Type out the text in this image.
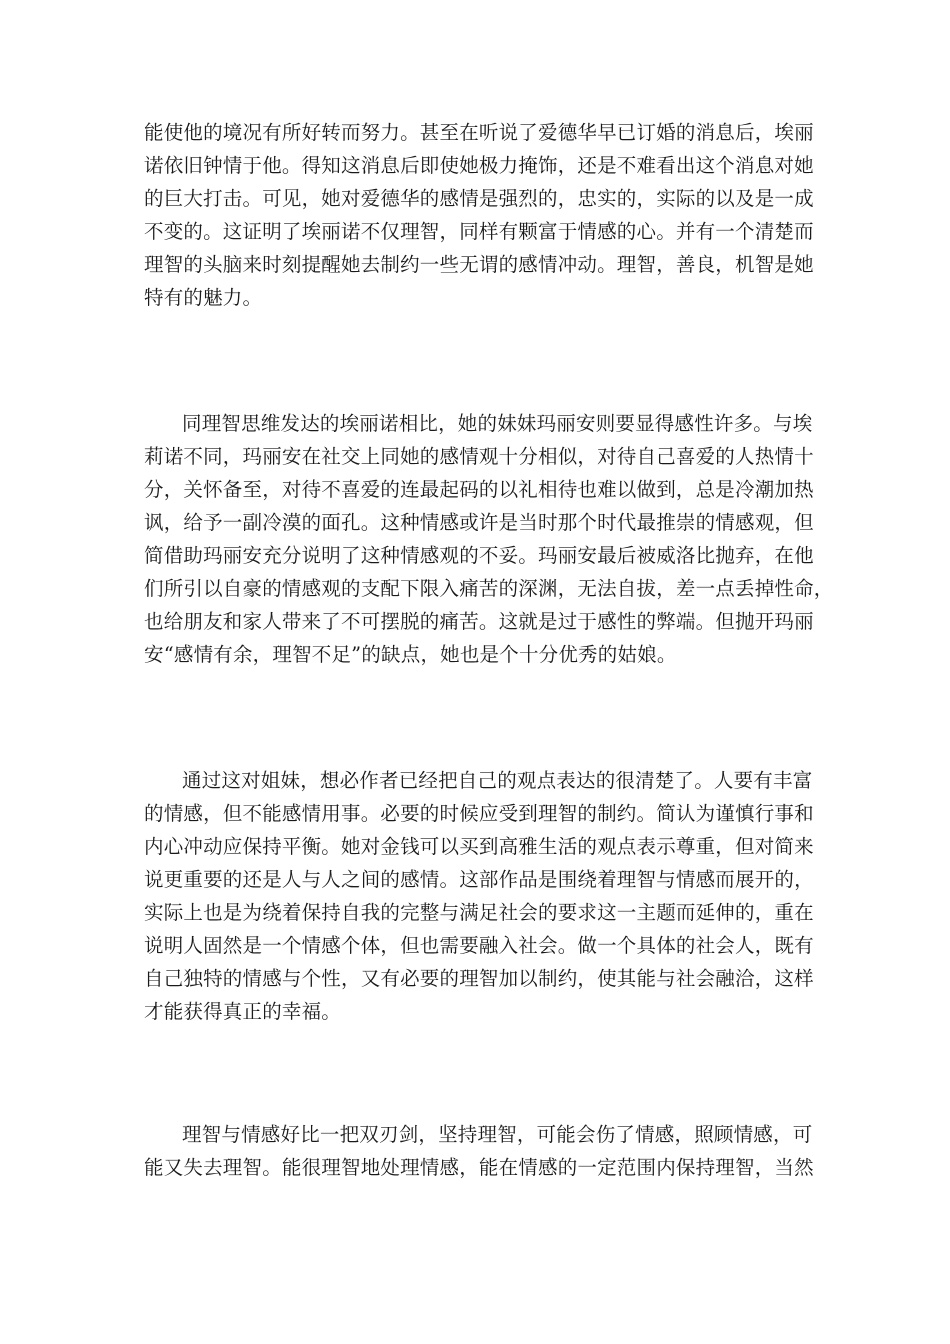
能使他的境况有所好转而努力。甚至在听说了爱德华早已订婚的消息后，埃丽
诺依旧钟情于他。得知这消息后即使她极力掩饰，还是不难看出这个消息对她
的巨大打击。可见，她对爱德华的感情是强烈的，忠实的，实际的以及是一成
不变的。这证明了埃丽诺不仅理智，同样有颗富于情感的心。并有一个清楚而
理智的头脑来时刻提醒她去制约一些无谓的感情冲动。理智，善良，机智是她
特有的魅力。
同理智思维发达的埃丽诺相比，她的妹妹玛丽安则要显得感性许多。与埃
莉诺不同，玛丽安在社交上同她的感情观十分相似，对待自己喜爱的人热情十
分，关怀备至，对待不喜爱的连最起码的以礼相待也难以做到，总是冷潮加热
讽，给予一副冷漠的面孔。这种情感或许是当时那个时代最推崇的情感观，但
简借助玛丽安充分说明了这种情感观的不妥。玛丽安最后被威洛比抛弃，在他
们所引以自豪的情感观的支配下限入痛苦的深渊，无法自拔，差一点丢掉性命，
也给朋友和家人带来了不可摆脱的痛苦。这就是过于感性的弊端。但抛开玛丽
安“感情有余，理智不足”的缺点，她也是个十分优秀的姑娘。
通过这对姐妹，想必作者已经把自己的观点表达的很清楚了。人要有丰富
的情感，但不能感情用事。必要的时候应受到理智的制约。简认为谨慎行事和
内心冲动应保持平衡。她对金钱可以买到高雅生活的观点表示尊重，但对简来
说更重要的还是人与人之间的感情。这部作品是围绕着理智与情感而展开的，
实际上也是为绕着保持自我的完整与满足社会的要求这一主题而延伸的，重在
说明人固然是一个情感个体，但也需要融入社会。做一个具体的社会人，既有
自己独特的情感与个性，又有必要的理智加以制约，使其能与社会融洽，这样
才能获得真正的幸福。
理智与情感好比一把双刃剑，坚持理智，可能会伤了情感，照顾情感，可
能又失去理智。能很理智地处理情感，能在情感的一定范围内保持理智，当然
